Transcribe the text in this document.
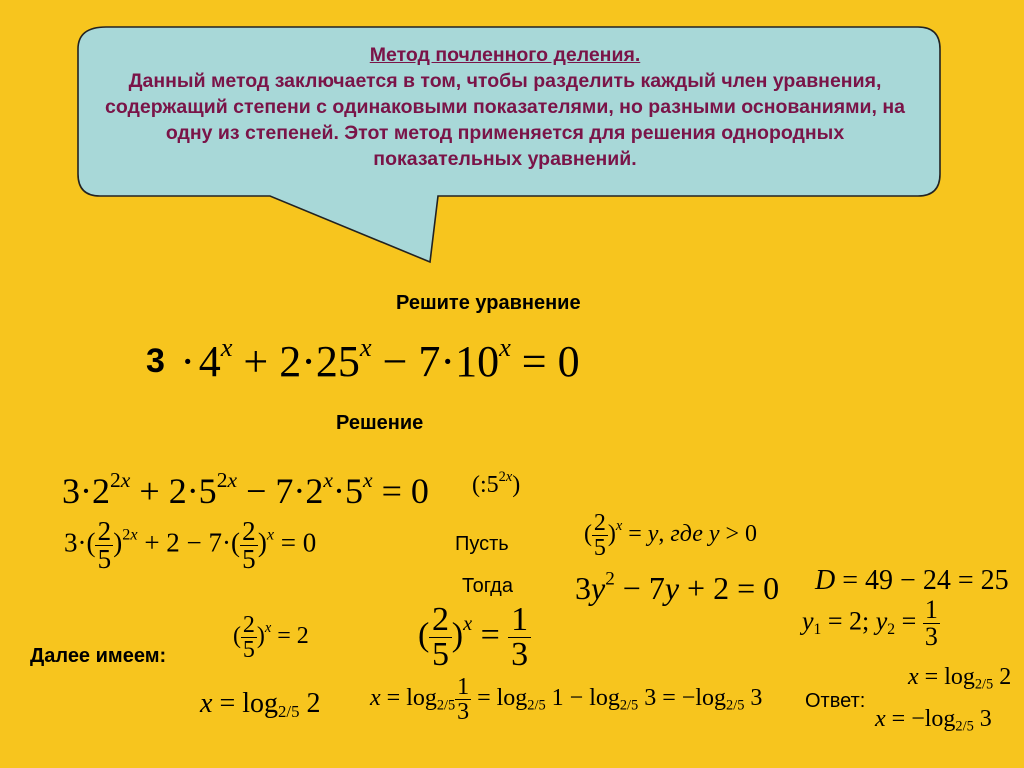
Метод почленного деления.
Данный метод заключается в том, чтобы разделить каждый член уравнения, содержащий степени с одинаковыми показателями, но разными основаниями, на одну из степеней. Этот метод применяется для решения однородных показательных уравнений.
Решите уравнение
3  · $4^x + 2\cdot 25^x - 7\cdot 10^x = 0$
Решение
$3\cdot 2^{2x} + 2\cdot 5^{2x} - 7\cdot 2^x\cdot 5^x = 0$ $(:5^{2x})$
$3\cdot( \frac{2}{5} )^{2x} + 2 - 7\cdot( \frac{2}{5} )^x = 0$	Пусть	( $\frac{2}{5} )^x = y$, где y > 0
Тогда $3y^2 - 7y + 2 = 0$ D = 49 − 24 = 25
$y_1 = 2$; $y_2 = \frac{1}{3}$
Далее имеем:
( $\frac{2}{5} )^x = 2$	( $\frac{2}{5} )^x = \frac{1}{3}$
$x = \log_{2/5} 2$ $x = \log_{2/5} \frac{1}{3} = \log_{2/5} 1 - \log_{2/5} 3 = -\log_{2/5}$ 3 Ответ:
$x = \log_{2/5} 2$
$x = -\log_{2/5}$ 3
